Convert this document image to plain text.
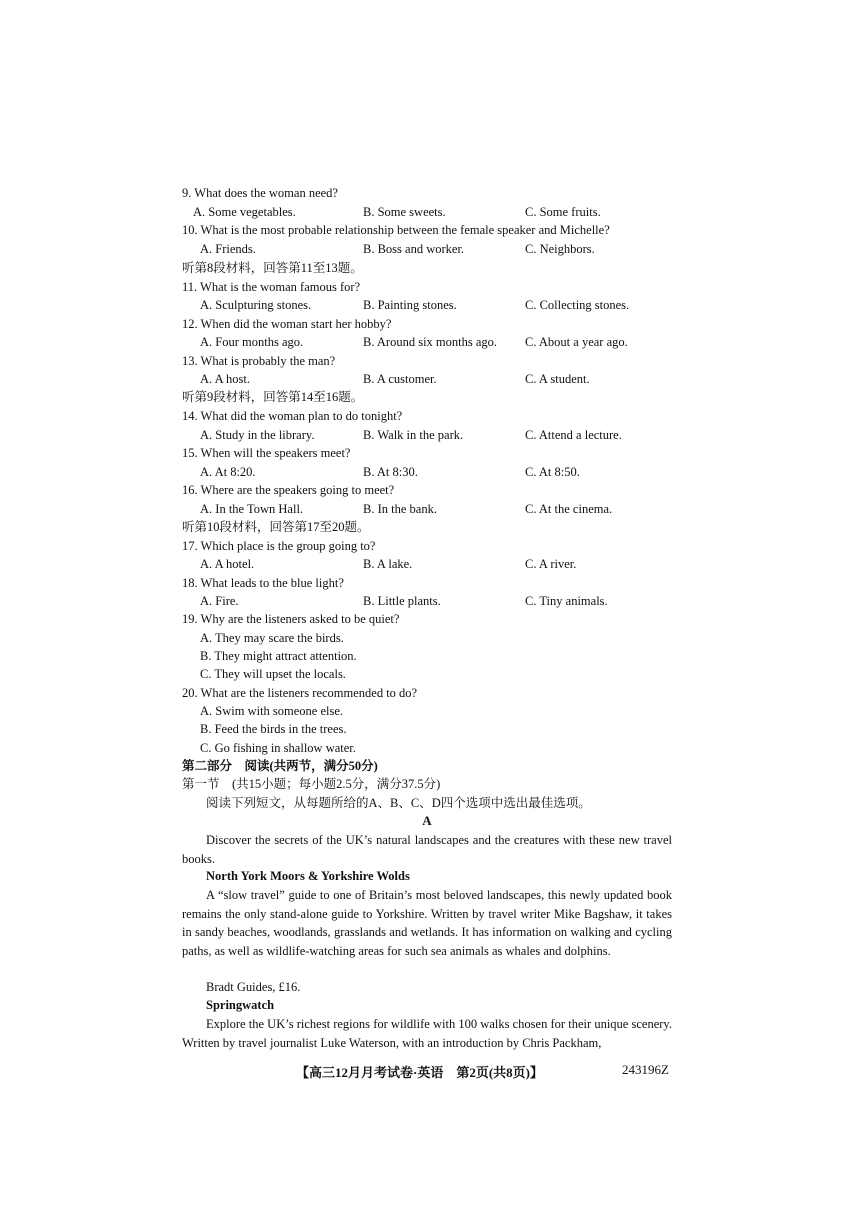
9. What does the woman need?
A. Some vegetables.	B. Some sweets.	C. Some fruits.
10. What is the most probable relationship between the female speaker and Michelle?
A. Friends.	B. Boss and worker.	C. Neighbors.
听第8段材料，回答第11至13题。
11. What is the woman famous for?
A. Sculpturing stones.	B. Painting stones.	C. Collecting stones.
12. When did the woman start her hobby?
A. Four months ago.	B. Around six months ago. C. About a year ago.
13. What is probably the man?
A. A host.	B. A customer.	C. A student.
听第9段材料，回答第14至16题。
14. What did the woman plan to do tonight?
A. Study in the library.	B. Walk in the park.	C. Attend a lecture.
15. When will the speakers meet?
A. At 8:20.	B. At 8:30.	C. At 8:50.
16. Where are the speakers going to meet?
A. In the Town Hall.	B. In the bank.	C. At the cinema.
听第10段材料，回答第17至20题。
17. Which place is the group going to?
A. A hotel.	B. A lake.	C. A river.
18. What leads to the blue light?
A. Fire.	B. Little plants.	C. Tiny animals.
19. Why are the listeners asked to be quiet?
A. They may scare the birds.
B. They might attract attention.
C. They will upset the locals.
20. What are the listeners recommended to do?
A. Swim with someone else.
B. Feed the birds in the trees.
C. Go fishing in shallow water.
第二部分　阅读(共两节，满分50分)
第一节　(共15小题；每小题2.5分，满分37.5分)
阅读下列短文，从每题所给的A、B、C、D四个选项中选出最佳选项。
A
Discover the secrets of the UK’s natural landscapes and the creatures with these new travel books.
North York Moors & Yorkshire Wolds
A “slow travel” guide to one of Britain’s most beloved landscapes, this newly updated book remains the only stand-alone guide to Yorkshire. Written by travel writer Mike Bagshaw, it takes in sandy beaches, woodlands, grasslands and wetlands. It has information on walking and cycling paths, as well as wildlife-watching areas for such sea animals as whales and dolphins.
Bradt Guides, £16.
Springwatch
Explore the UK’s richest regions for wildlife with 100 walks chosen for their unique scenery. Written by travel journalist Luke Waterson, with an introduction by Chris Packham,
【高三12月月考试卷·英语　第2页(共8页)】	243196Z
